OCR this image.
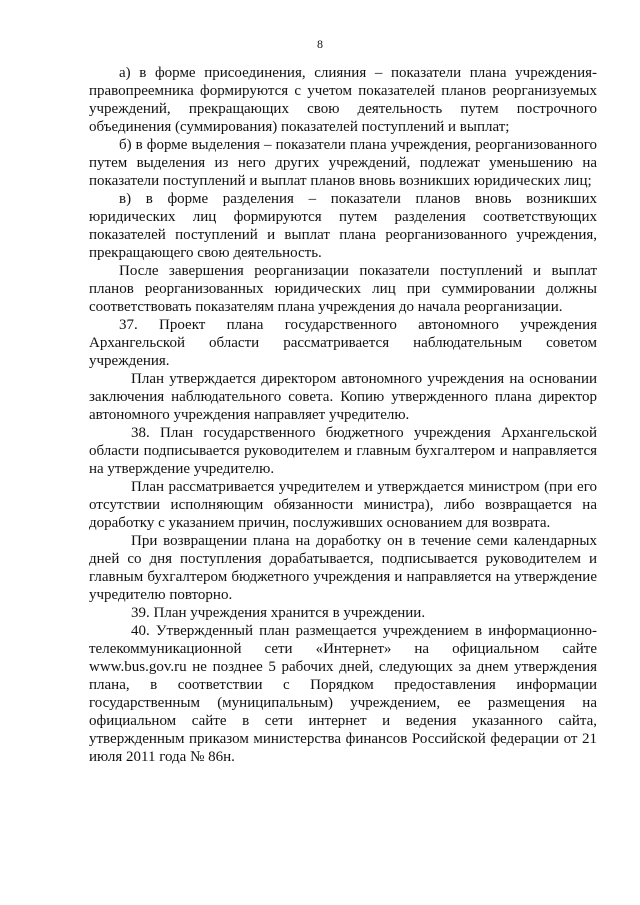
8

а) в форме присоединения, слияния – показатели плана учреждения-правопреемника формируются с учетом показателей планов реорганизуемых учреждений, прекращающих свою деятельность путем построчного объединения (суммирования) показателей поступлений и выплат;

б) в форме выделения – показатели плана учреждения, реорганизованного путем выделения из него других учреждений, подлежат уменьшению на показатели поступлений и выплат планов вновь возникших юридических лиц;

в) в форме разделения – показатели планов вновь возникших юридических лиц формируются путем разделения соответствующих показателей поступлений и выплат плана реорганизованного учреждения, прекращающего свою деятельность.

После завершения реорганизации показатели поступлений и выплат планов реорганизованных юридических лиц при суммировании должны соответствовать показателям плана учреждения до начала реорганизации.

37. Проект плана государственного автономного учреждения Архангельской области рассматривается наблюдательным советом учреждения.

План утверждается директором автономного учреждения на основании заключения наблюдательного совета. Копию утвержденного плана директор автономного учреждения направляет учредителю.

38. План государственного бюджетного учреждения Архангельской области подписывается руководителем и главным бухгалтером и направляется на утверждение учредителю.

План рассматривается учредителем и утверждается министром (при его отсутствии исполняющим обязанности министра), либо возвращается на доработку с указанием причин, послуживших основанием для возврата.

При возвращении плана на доработку он в течение семи календарных дней со дня поступления дорабатывается, подписывается руководителем и главным бухгалтером бюджетного учреждения и направляется на утверждение учредителю повторно.

39. План учреждения хранится в учреждении.

40. Утвержденный план размещается учреждением в информационно-телекоммуникационной сети «Интернет» на официальном сайте www.bus.gov.ru не позднее 5 рабочих дней, следующих за днем утверждения плана, в соответствии с Порядком предоставления информации государственным (муниципальным) учреждением, ее размещения на официальном сайте в сети интернет и ведения указанного сайта, утвержденным приказом министерства финансов Российской федерации от 21 июля 2011 года № 86н.
